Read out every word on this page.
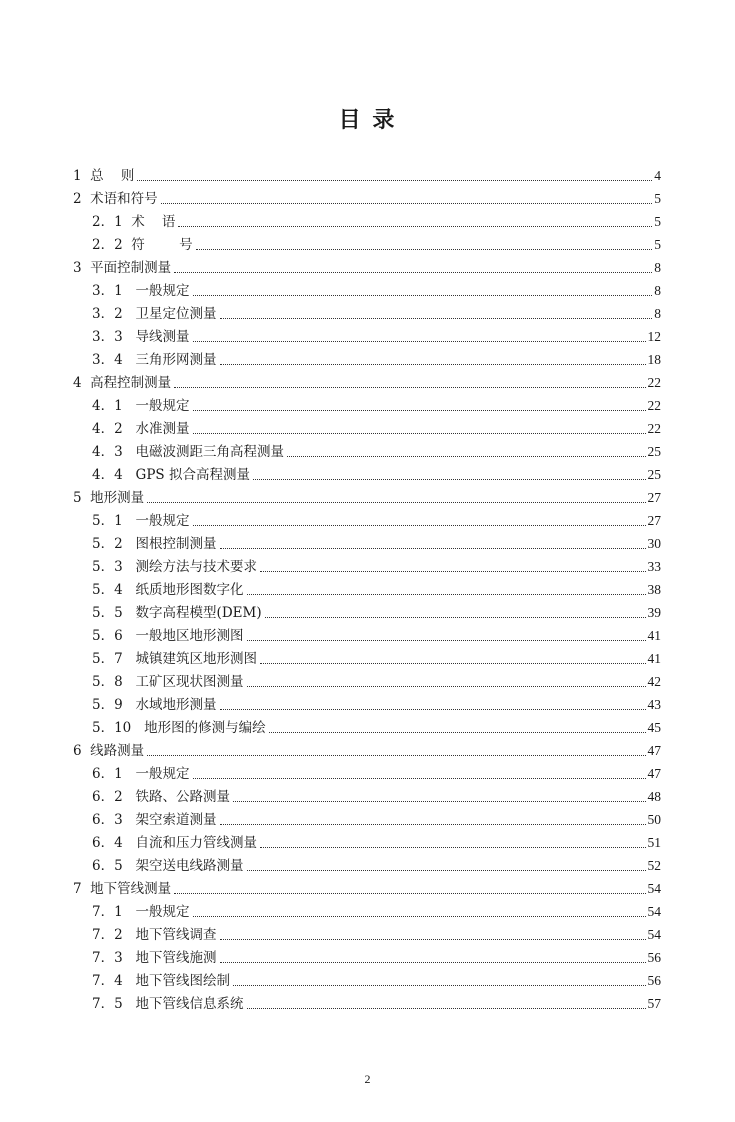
目 录
1  总    则	4
2  术语和符号	5
2．1  术    语	5
2．2  符        号	5
3  平面控制测量	8
3．1   一般规定	8
3．2   卫星定位测量	8
3．3   导线测量	12
3．4   三角形网测量	18
4  高程控制测量	22
4．1   一般规定	22
4．2   水准测量	22
4．3   电磁波测距三角高程测量	25
4．4   GPS 拟合高程测量	25
5  地形测量	27
5．1   一般规定	27
5．2   图根控制测量	30
5．3   测绘方法与技术要求	33
5．4   纸质地形图数字化	38
5．5   数字高程模型(DEM)	39
5．6   一般地区地形测图	41
5．7   城镇建筑区地形测图	41
5．8   工矿区现状图测量	42
5．9   水域地形测量	43
5．10   地形图的修测与编绘	45
6  线路测量	47
6．1   一般规定	47
6．2   铁路、公路测量	48
6．3   架空索道测量	50
6．4   自流和压力管线测量	51
6．5   架空送电线路测量	52
7  地下管线测量	54
7．1   一般规定	54
7．2   地下管线调查	54
7．3   地下管线施测	56
7．4   地下管线图绘制	56
7．5   地下管线信息系统	57
2
